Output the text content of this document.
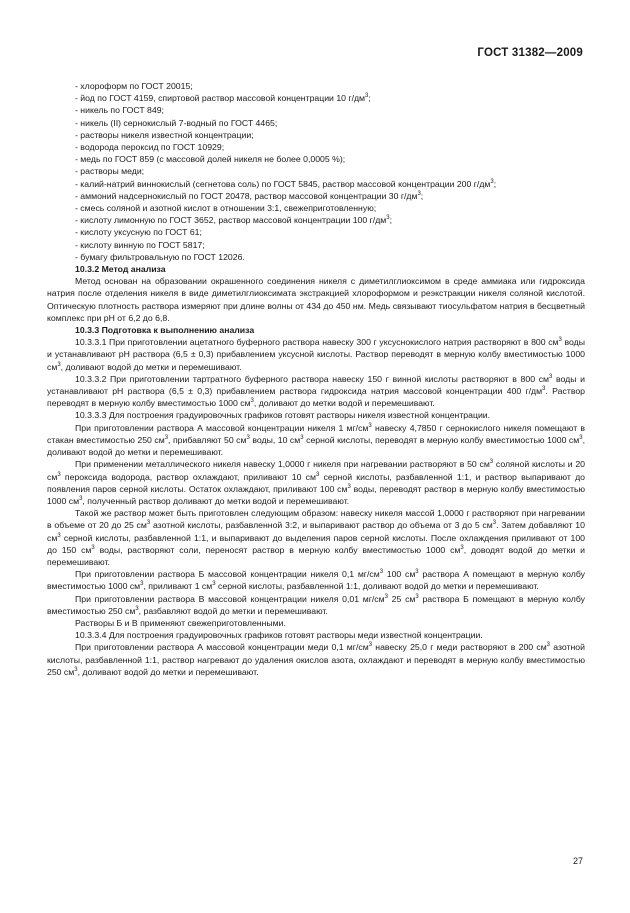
ГОСТ 31382—2009

- хлороформ по ГОСТ 20015;

- йод по ГОСТ 4159, спиртовой раствор массовой концентрации 10 $г/дм^3$;

- никель по ГОСТ 849;

- никель (II) сернокислый 7-водный по ГОСТ 4465;

- растворы никеля известной концентрации;

- водорода пероксид по ГОСТ 10929;

- медь по ГОСТ 859 (с массовой долей никеля не более 0,0005 %);

- растворы меди;

- калий-натрий виннокислый (сегнетова соль) по ГОСТ 5845, раствор массовой концентрации 200 $г/дм^3$;

- аммоний надсернокислый по ГОСТ 20478, раствор массовой концентрации 30 $г/дм^3$;

- смесь соляной и азотной кислот в отношении 3:1, свежеприготовленную;

- кислоту лимонную по ГОСТ 3652, раствор массовой концентрации 100 $г/дм^3$;

- кислоту уксусную по ГОСТ 61;

- кислоту винную по ГОСТ 5817;

- бумагу фильтровальную по ГОСТ 12026.

10.3.2 Метод анализа

Метод основан на образовании окрашенного соединения никеля с диметилглиоксимом в среде аммиака или гидроксида натрия после отделения никеля в виде диметилглиоксимата экстракцией хлороформом и реэкстракции никеля соляной кислотой. Оптическую плотность раствора измеряют при длине волны от 434 до 450 нм. Медь связывают тиосульфатом натрия в бесцветный комплекс при pH от 6,2 до 6,8.

10.3.3 Подготовка к выполнению анализа

10.3.3.1 При приготовлении ацетатного буферного раствора навеску 300 г уксуснокислого натрия растворяют в 800 $см^3$ воды и устанавливают pH раствора (6,5 ± 0,3) прибавлением уксусной кислоты. Раствор переводят в мерную колбу вместимостью 1000 $см^3$, доливают водой до метки и перемешивают.

10.3.3.2 При приготовлении тартратного буферного раствора навеску 150 г винной кислоты растворяют в 800 $см^3$ воды и устанавливают pH раствора (6,5 ± 0,3) прибавлением раствора гидроксида натрия массовой концентрации 400 $г/дм^3$. Раствор переводят в мерную колбу вместимостью 1000 $см^3$, доливают до метки водой и перемешивают.

10.3.3.3 Для построения градуировочных графиков готовят растворы никеля известной концентрации.

При приготовлении раствора А массовой концентрации никеля 1 $мг/см^3$ навеску 4,7850 г сернокислого никеля помещают в стакан вместимостью 250 $см^3$, прибавляют 50 $см^3$ воды, 10 $см^3$ серной кислоты, переводят в мерную колбу вместимостью 1000 $см^3$, доливают водой до метки и перемешивают.

При применении металлического никеля навеску 1,0000 г никеля при нагревании растворяют в 50 $см^3$ соляной кислоты и 20 $см^3$ пероксида водорода, раствор охлаждают, приливают 10 $см^3$ серной кислоты, разбавленной 1:1, и раствор выпаривают до появления паров серной кислоты. Остаток охлаждают, приливают 100 $см^3$ воды, переводят раствор в мерную колбу вместимостью 1000 $см^3$, полученный раствор доливают до метки водой и перемешивают.

Такой же раствор может быть приготовлен следующим образом: навеску никеля массой 1,0000 г растворяют при нагревании в объеме от 20 до 25 $см^3$ азотной кислоты, разбавленной 3:2, и выпаривают раствор до объема от 3 до 5 $см^3$. Затем добавляют 10 $см^3$ серной кислоты, разбавленной 1:1, и выпаривают до выделения паров серной кислоты. После охлаждения приливают от 100 до 150 $см^3$ воды, растворяют соли, переносят раствор в мерную колбу вместимостью 1000 $см^3$, доводят водой до метки и перемешивают.

При приготовлении раствора Б массовой концентрации никеля 0,1 $мг/см^3$ 100 $см^3$ раствора А помещают в мерную колбу вместимостью 1000 $см^3$, приливают 1 $см^3$ серной кислоты, разбавленной 1:1, доливают водой до метки и перемешивают.

При приготовлении раствора В массовой концентрации никеля 0,01 $мг/см^3$ 25 $см^3$ раствора Б помещают в мерную колбу вместимостью 250 $см^3$, разбавляют водой до метки и перемешивают.

Растворы Б и В применяют свежеприготовленными.

10.3.3.4 Для построения градуировочных графиков готовят растворы меди известной концентрации.

При приготовлении раствора А массовой концентрации меди 0,1 $мг/см^3$ навеску 25,0 г меди растворяют в 200 $см^3$ азотной кислоты, разбавленной 1:1, раствор нагревают до удаления окислов азота, охлаждают и переводят в мерную колбу вместимостью 250 $см^3$, доливают водой до метки и перемешивают.

27
